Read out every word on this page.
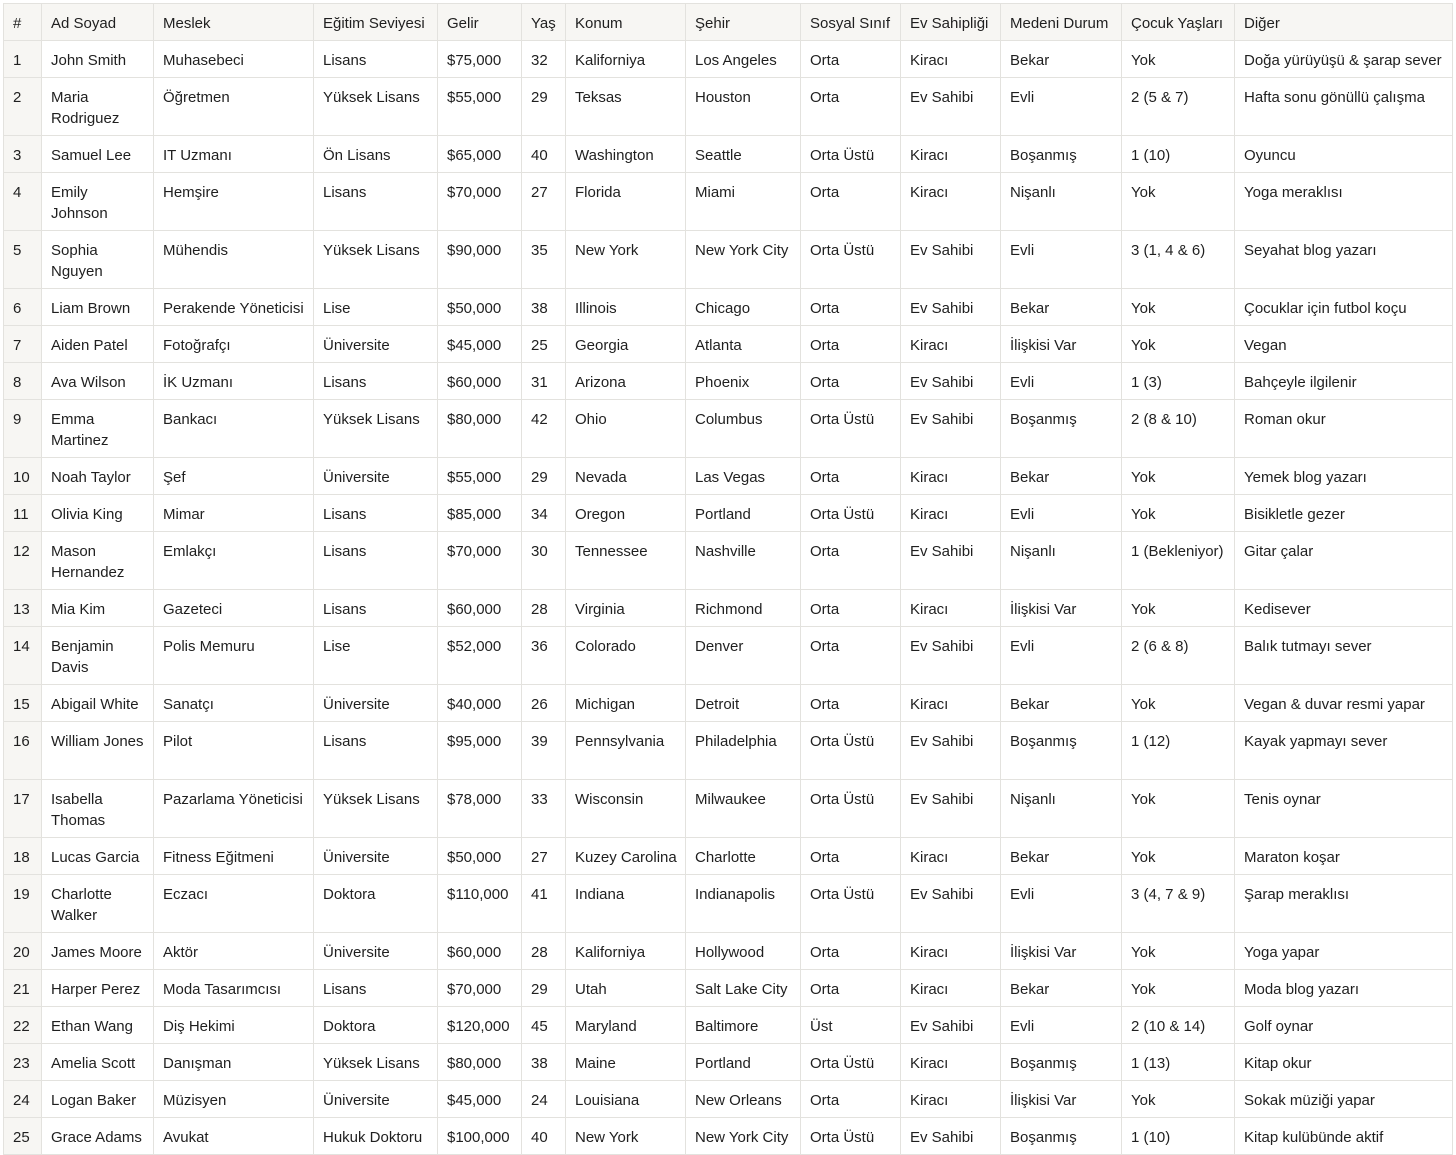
#	Ad Soyad	Meslek	Eğitim Seviyesi	Gelir	Yaş	Konum	Şehir	Sosyal Sınıf	Ev Sahipliği	Medeni Durum	Çocuk Yaşları	Diğer
1	John Smith	Muhasebeci	Lisans	$75,000	32	Kaliforniya	Los Angeles	Orta	Kiracı	Bekar	Yok	Doğa yürüyüşü & şarap sever
2	Maria Rodriguez	Öğretmen	Yüksek Lisans	$55,000	29	Teksas	Houston	Orta	Ev Sahibi	Evli	2 (5 & 7)	Hafta sonu gönüllü çalışma
3	Samuel Lee	IT Uzmanı	Ön Lisans	$65,000	40	Washington	Seattle	Orta Üstü	Kiracı	Boşanmış	1 (10)	Oyuncu
4	Emily Johnson	Hemşire	Lisans	$70,000	27	Florida	Miami	Orta	Kiracı	Nişanlı	Yok	Yoga meraklısı
5	Sophia Nguyen	Mühendis	Yüksek Lisans	$90,000	35	New York	New York City	Orta Üstü	Ev Sahibi	Evli	3 (1, 4 & 6)	Seyahat blog yazarı
6	Liam Brown	Perakende Yöneticisi	Lise	$50,000	38	Illinois	Chicago	Orta	Ev Sahibi	Bekar	Yok	Çocuklar için futbol koçu
7	Aiden Patel	Fotoğrafçı	Üniversite	$45,000	25	Georgia	Atlanta	Orta	Kiracı	İlişkisi Var	Yok	Vegan
8	Ava Wilson	İK Uzmanı	Lisans	$60,000	31	Arizona	Phoenix	Orta	Ev Sahibi	Evli	1 (3)	Bahçeyle ilgilenir
9	Emma Martinez	Bankacı	Yüksek Lisans	$80,000	42	Ohio	Columbus	Orta Üstü	Ev Sahibi	Boşanmış	2 (8 & 10)	Roman okur
10	Noah Taylor	Şef	Üniversite	$55,000	29	Nevada	Las Vegas	Orta	Kiracı	Bekar	Yok	Yemek blog yazarı
11	Olivia King	Mimar	Lisans	$85,000	34	Oregon	Portland	Orta Üstü	Kiracı	Evli	Yok	Bisikletle gezer
12	Mason Hernandez	Emlakçı	Lisans	$70,000	30	Tennessee	Nashville	Orta	Ev Sahibi	Nişanlı	1 (Bekleniyor)	Gitar çalar
13	Mia Kim	Gazeteci	Lisans	$60,000	28	Virginia	Richmond	Orta	Kiracı	İlişkisi Var	Yok	Kedisever
14	Benjamin Davis	Polis Memuru	Lise	$52,000	36	Colorado	Denver	Orta	Ev Sahibi	Evli	2 (6 & 8)	Balık tutmayı sever
15	Abigail White	Sanatçı	Üniversite	$40,000	26	Michigan	Detroit	Orta	Kiracı	Bekar	Yok	Vegan & duvar resmi yapar
16	William Jones	Pilot	Lisans	$95,000	39	Pennsylvania	Philadelphia	Orta Üstü	Ev Sahibi	Boşanmış	1 (12)	Kayak yapmayı sever
17	Isabella Thomas	Pazarlama Yöneticisi	Yüksek Lisans	$78,000	33	Wisconsin	Milwaukee	Orta Üstü	Ev Sahibi	Nişanlı	Yok	Tenis oynar
18	Lucas Garcia	Fitness Eğitmeni	Üniversite	$50,000	27	Kuzey Carolina	Charlotte	Orta	Kiracı	Bekar	Yok	Maraton koşar
19	Charlotte Walker	Eczacı	Doktora	$110,000	41	Indiana	Indianapolis	Orta Üstü	Ev Sahibi	Evli	3 (4, 7 & 9)	Şarap meraklısı
20	James Moore	Aktör	Üniversite	$60,000	28	Kaliforniya	Hollywood	Orta	Kiracı	İlişkisi Var	Yok	Yoga yapar
21	Harper Perez	Moda Tasarımcısı	Lisans	$70,000	29	Utah	Salt Lake City	Orta	Kiracı	Bekar	Yok	Moda blog yazarı
22	Ethan Wang	Diş Hekimi	Doktora	$120,000	45	Maryland	Baltimore	Üst	Ev Sahibi	Evli	2 (10 & 14)	Golf oynar
23	Amelia Scott	Danışman	Yüksek Lisans	$80,000	38	Maine	Portland	Orta Üstü	Kiracı	Boşanmış	1 (13)	Kitap okur
24	Logan Baker	Müzisyen	Üniversite	$45,000	24	Louisiana	New Orleans	Orta	Kiracı	İlişkisi Var	Yok	Sokak müziği yapar
25	Grace Adams	Avukat	Hukuk Doktoru	$100,000	40	New York	New York City	Orta Üstü	Ev Sahibi	Boşanmış	1 (10)	Kitap kulübünde aktif
